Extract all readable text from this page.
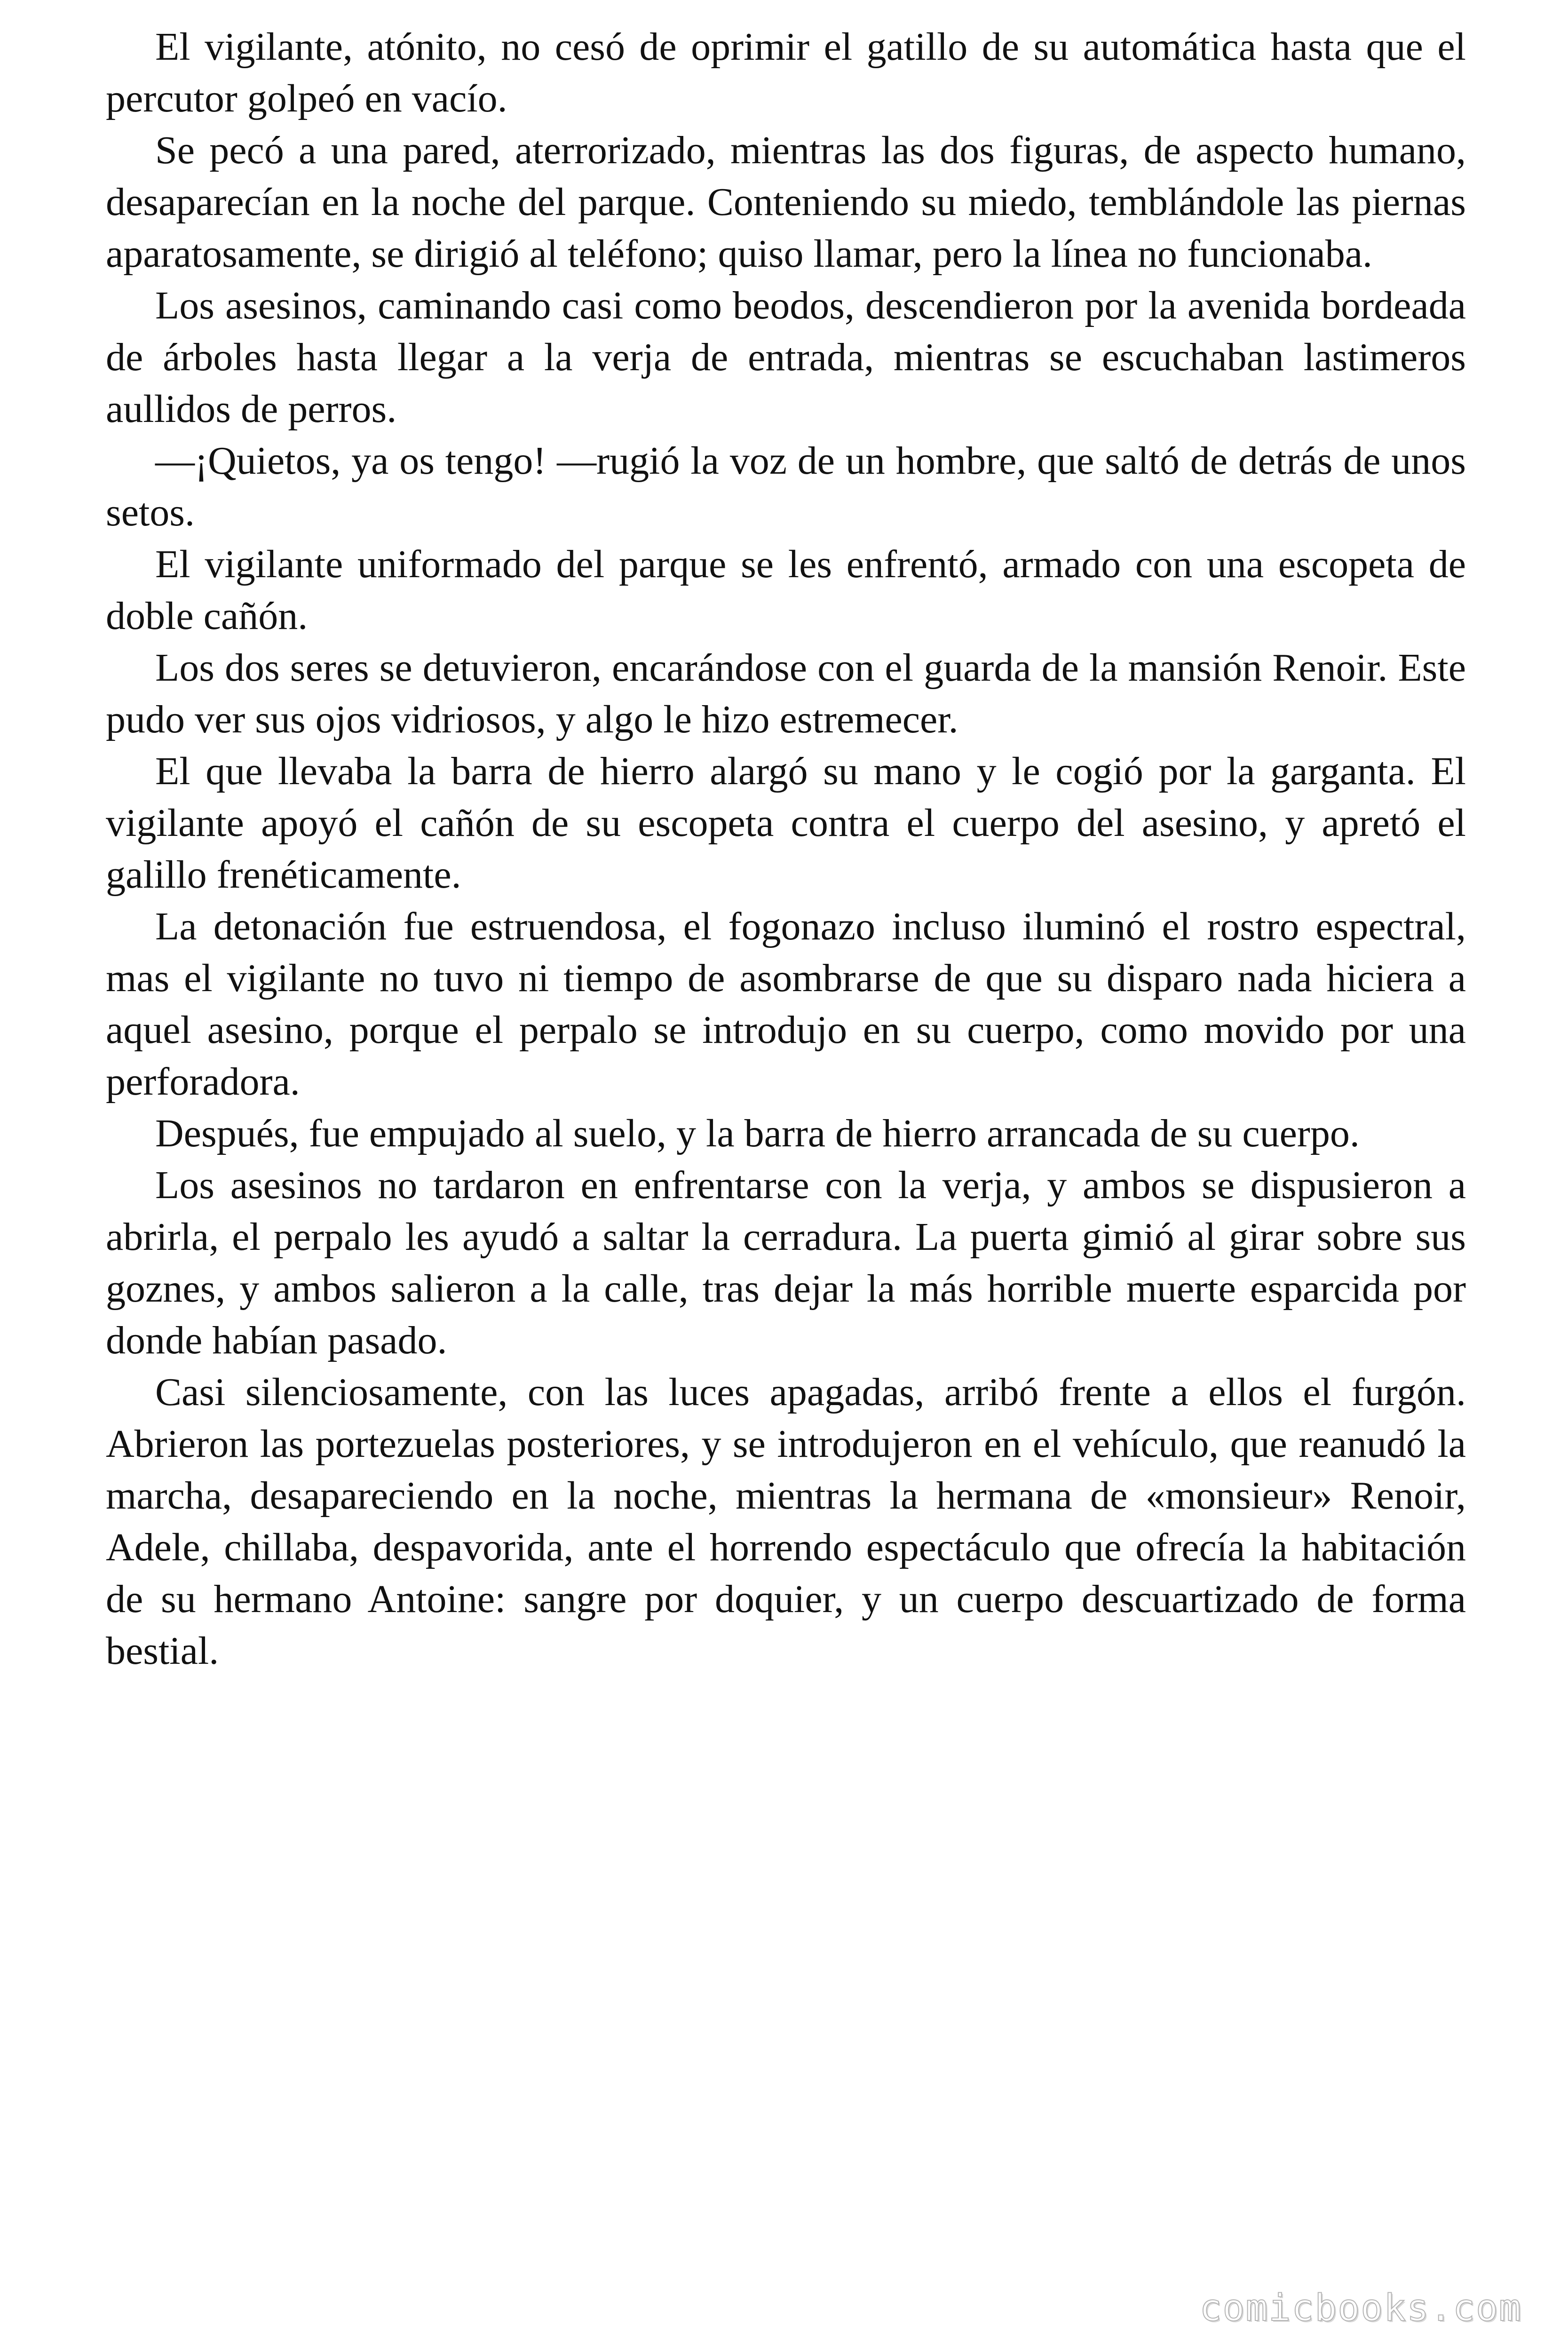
El vigilante, atónito, no cesó de oprimir el gatillo de su automática hasta que el percutor golpeó en vacío.

Se pecó a una pared, aterrorizado, mientras las dos figuras, de aspecto humano, desaparecían en la noche del parque. Conteniendo su miedo, temblándole las piernas aparatosamente, se dirigió al teléfono; quiso llamar, pero la línea no funcionaba.

Los asesinos, caminando casi como beodos, descendieron por la avenida bordeada de árboles hasta llegar a la verja de entrada, mientras se escuchaban lastimeros aullidos de perros.

—¡Quietos, ya os tengo! —rugió la voz de un hombre, que saltó de detrás de unos setos.

El vigilante uniformado del parque se les enfrentó, armado con una escopeta de doble cañón.

Los dos seres se detuvieron, encarándose con el guarda de la mansión Renoir. Este pudo ver sus ojos vidriosos, y algo le hizo estremecer.

El que llevaba la barra de hierro alargó su mano y le cogió por la garganta. El vigilante apoyó el cañón de su escopeta contra el cuerpo del asesino, y apretó el galillo frenéticamente.

La detonación fue estruendosa, el fogonazo incluso iluminó el rostro espectral, mas el vigilante no tuvo ni tiempo de asombrarse de que su disparo nada hiciera a aquel asesino, porque el perpalo se introdujo en su cuerpo, como movido por una perforadora.

Después, fue empujado al suelo, y la barra de hierro arrancada de su cuerpo.

Los asesinos no tardaron en enfrentarse con la verja, y ambos se dispusieron a abrirla, el perpalo les ayudó a saltar la cerradura. La puerta gimió al girar sobre sus goznes, y ambos salieron a la calle, tras dejar la más horrible muerte esparcida por donde habían pasado.

Casi silenciosamente, con las luces apagadas, arribó frente a ellos el furgón. Abrieron las portezuelas posteriores, y se introdujeron en el vehículo, que reanudó la marcha, desapareciendo en la noche, mientras la hermana de «monsieur» Renoir, Adele, chillaba, despavorida, ante el horrendo espectáculo que ofrecía la habitación de su hermano Antoine: sangre por doquier, y un cuerpo descuartizado de forma bestial.

comicbooks.com
